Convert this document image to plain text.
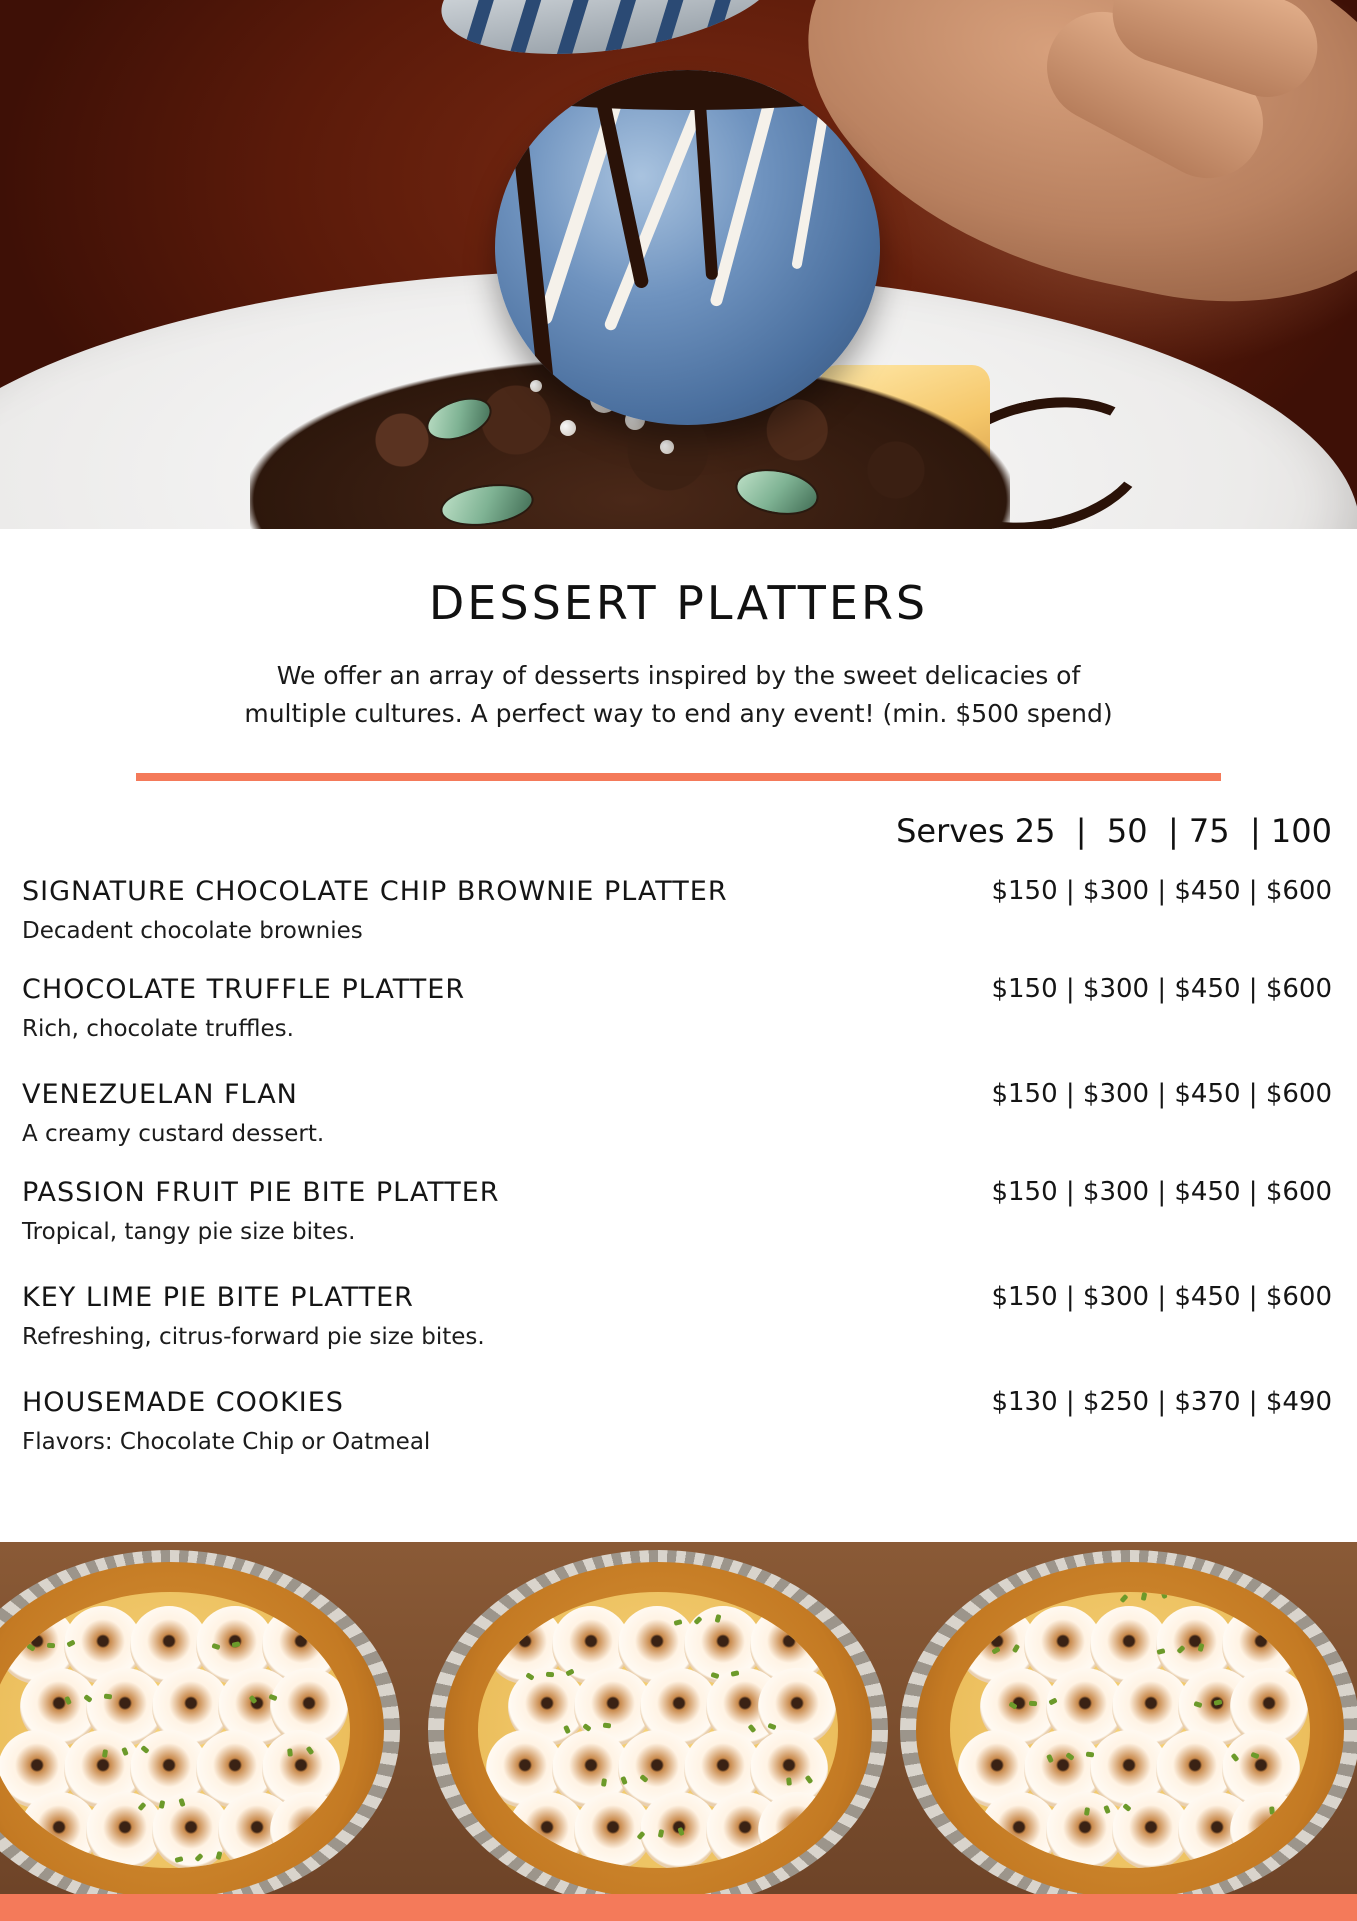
DESSERT PLATTERS
We offer an array of desserts inspired by the sweet delicacies of
multiple cultures. A perfect way to end any event! (min. $500 spend)
Serves 25  |  50  | 75  | 100
SIGNATURE CHOCOLATE CHIP BROWNIE PLATTER
Decadent chocolate brownies
$150 | $300 | $450 | $600
CHOCOLATE TRUFFLE PLATTER
Rich, chocolate truffles.
$150 | $300 | $450 | $600
VENEZUELAN FLAN
A creamy custard dessert.
$150 | $300 | $450 | $600
PASSION FRUIT PIE BITE PLATTER
Tropical, tangy pie size bites.
$150 | $300 | $450 | $600
KEY LIME PIE BITE PLATTER
Refreshing, citrus-forward pie size bites.
$150 | $300 | $450 | $600
HOUSEMADE COOKIES
Flavors: Chocolate Chip or Oatmeal
$130 | $250 | $370 | $490
